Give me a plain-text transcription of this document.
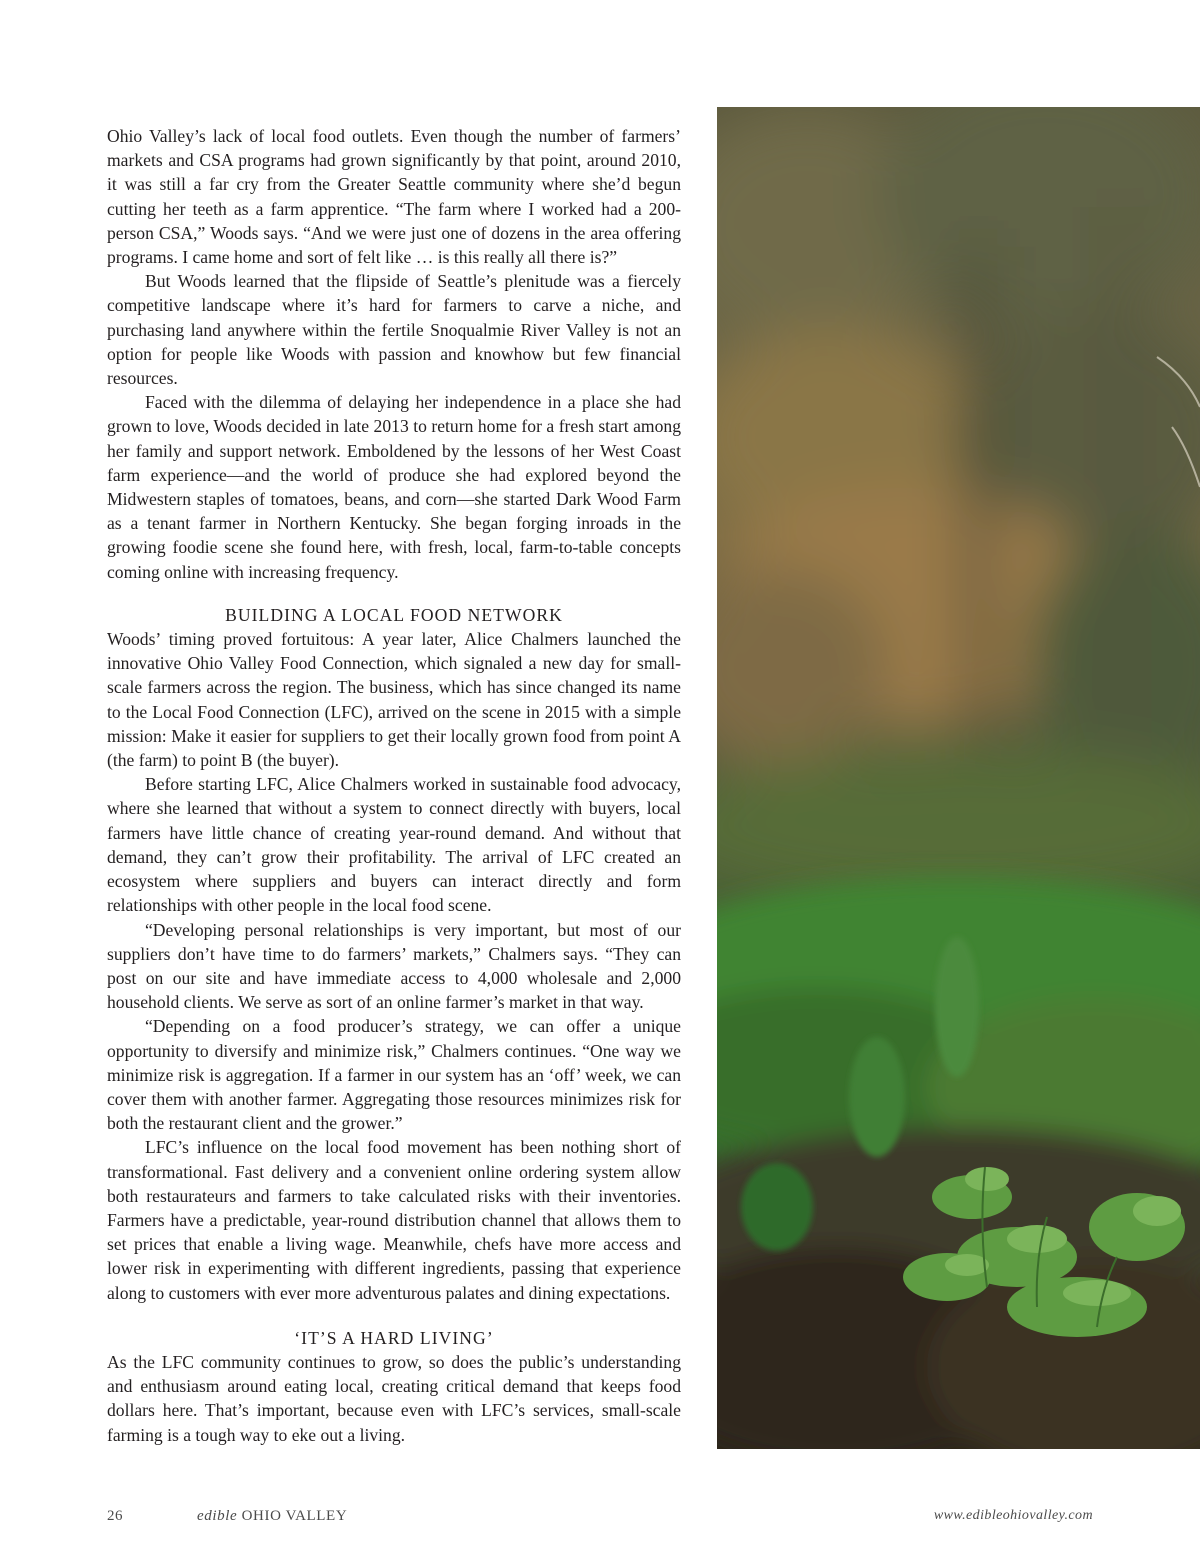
Ohio Valley’s lack of local food outlets. Even though the number of farmers’ markets and CSA programs had grown significantly by that point, around 2010, it was still a far cry from the Greater Seattle community where she’d begun cutting her teeth as a farm apprentice. “The farm where I worked had a 200-person CSA,” Woods says. “And we were just one of dozens in the area offering programs. I came home and sort of felt like … is this really all there is?”

But Woods learned that the flipside of Seattle’s plenitude was a fiercely competitive landscape where it’s hard for farmers to carve a niche, and purchasing land anywhere within the fertile Snoqualmie River Valley is not an option for people like Woods with passion and knowhow but few financial resources.

Faced with the dilemma of delaying her independence in a place she had grown to love, Woods decided in late 2013 to return home for a fresh start among her family and support network. Emboldened by the lessons of her West Coast farm experience—and the world of produce she had explored beyond the Midwestern staples of tomatoes, beans, and corn—she started Dark Wood Farm as a tenant farmer in Northern Kentucky. She began forging inroads in the growing foodie scene she found here, with fresh, local, farm-to-table concepts coming online with increasing frequency.

BUILDING A LOCAL FOOD NETWORK

Woods’ timing proved fortuitous: A year later, Alice Chalmers launched the innovative Ohio Valley Food Connection, which signaled a new day for small-scale farmers across the region. The business, which has since changed its name to the Local Food Connection (LFC), arrived on the scene in 2015 with a simple mission: Make it easier for suppliers to get their locally grown food from point A (the farm) to point B (the buyer).

Before starting LFC, Alice Chalmers worked in sustainable food advocacy, where she learned that without a system to connect directly with buyers, local farmers have little chance of creating year-round demand. And without that demand, they can’t grow their profitability. The arrival of LFC created an ecosystem where suppliers and buyers can interact directly and form relationships with other people in the local food scene.

“Developing personal relationships is very important, but most of our suppliers don’t have time to do farmers’ markets,” Chalmers says. “They can post on our site and have immediate access to 4,000 wholesale and 2,000 household clients. We serve as sort of an online farmer’s market in that way.

“Depending on a food producer’s strategy, we can offer a unique opportunity to diversify and minimize risk,” Chalmers continues. “One way we minimize risk is aggregation. If a farmer in our system has an ‘off’ week, we can cover them with another farmer. Aggregating those resources minimizes risk for both the restaurant client and the grower.”

LFC’s influence on the local food movement has been nothing short of transformational. Fast delivery and a convenient online ordering system allow both restaurateurs and farmers to take calculated risks with their inventories. Farmers have a predictable, year-round distribution channel that allows them to set prices that enable a living wage. Meanwhile, chefs have more access and lower risk in experimenting with different ingredients, passing that experience along to customers with ever more adventurous palates and dining expectations.

‘IT’S A HARD LIVING’

As the LFC community continues to grow, so does the public’s understanding and enthusiasm around eating local, creating critical demand that keeps food dollars here. That’s important, because even with LFC’s services, small-scale farming is a tough way to eke out a living.

26	edible OHIO VALLEY	www.edibleohiovalley.com
